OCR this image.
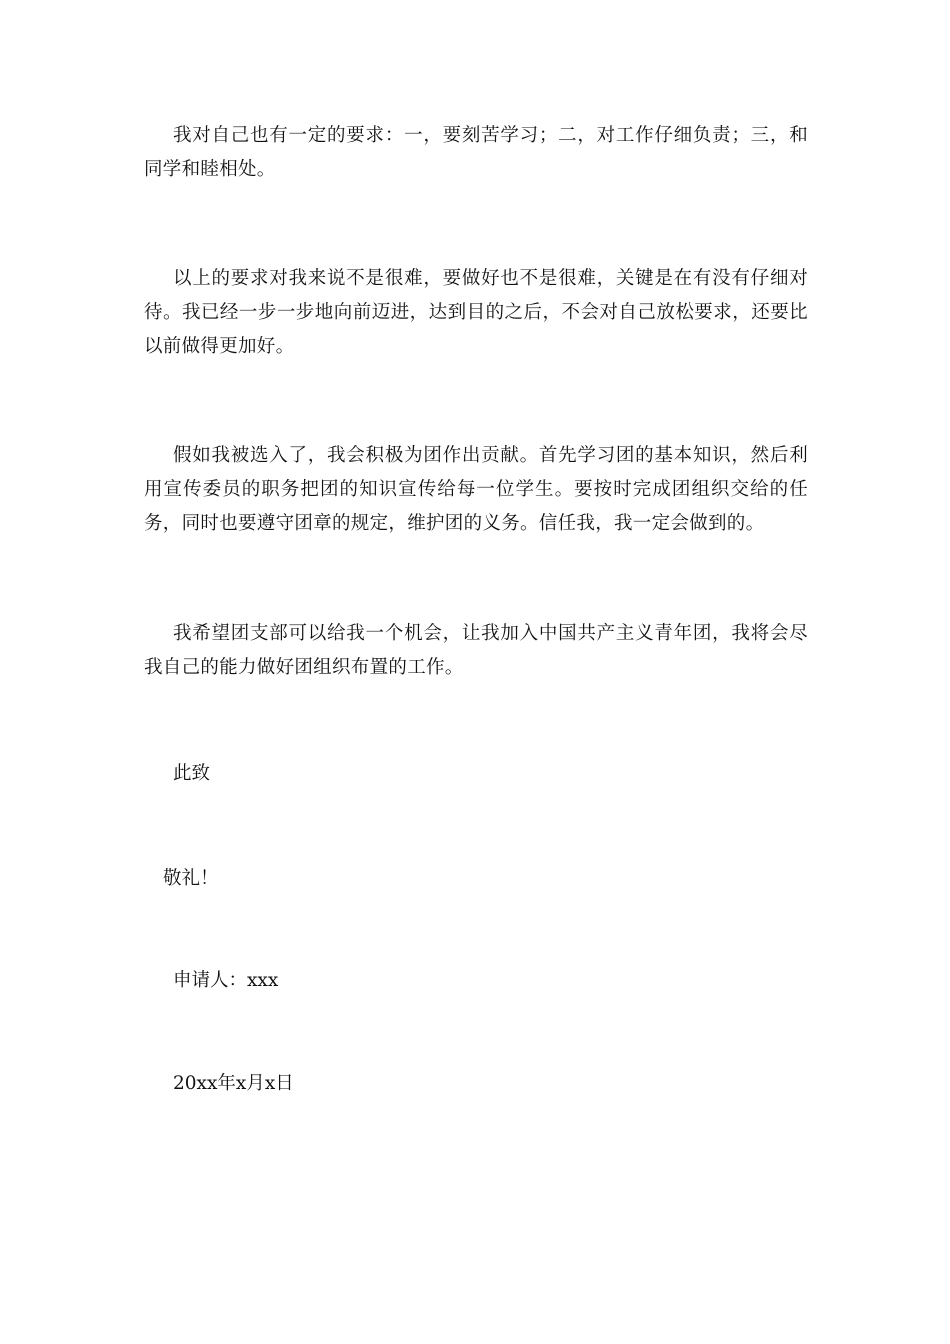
我对自己也有一定的要求：一，要刻苦学习；二，对工作仔细负责；三，和同学和睦相处。

以上的要求对我来说不是很难，要做好也不是很难，关键是在有没有仔细对待。我已经一步一步地向前迈进，达到目的之后，不会对自己放松要求，还要比以前做得更加好。

假如我被选入了，我会积极为团作出贡献。首先学习团的基本知识，然后利用宣传委员的职务把团的知识宣传给每一位学生。要按时完成团组织交给的任务，同时也要遵守团章的规定，维护团的义务。信任我，我一定会做到的。

我希望团支部可以给我一个机会，让我加入中国共产主义青年团，我将会尽我自己的能力做好团组织布置的工作。

此致

敬礼！

申请人：xxx

20xx年x月x日
